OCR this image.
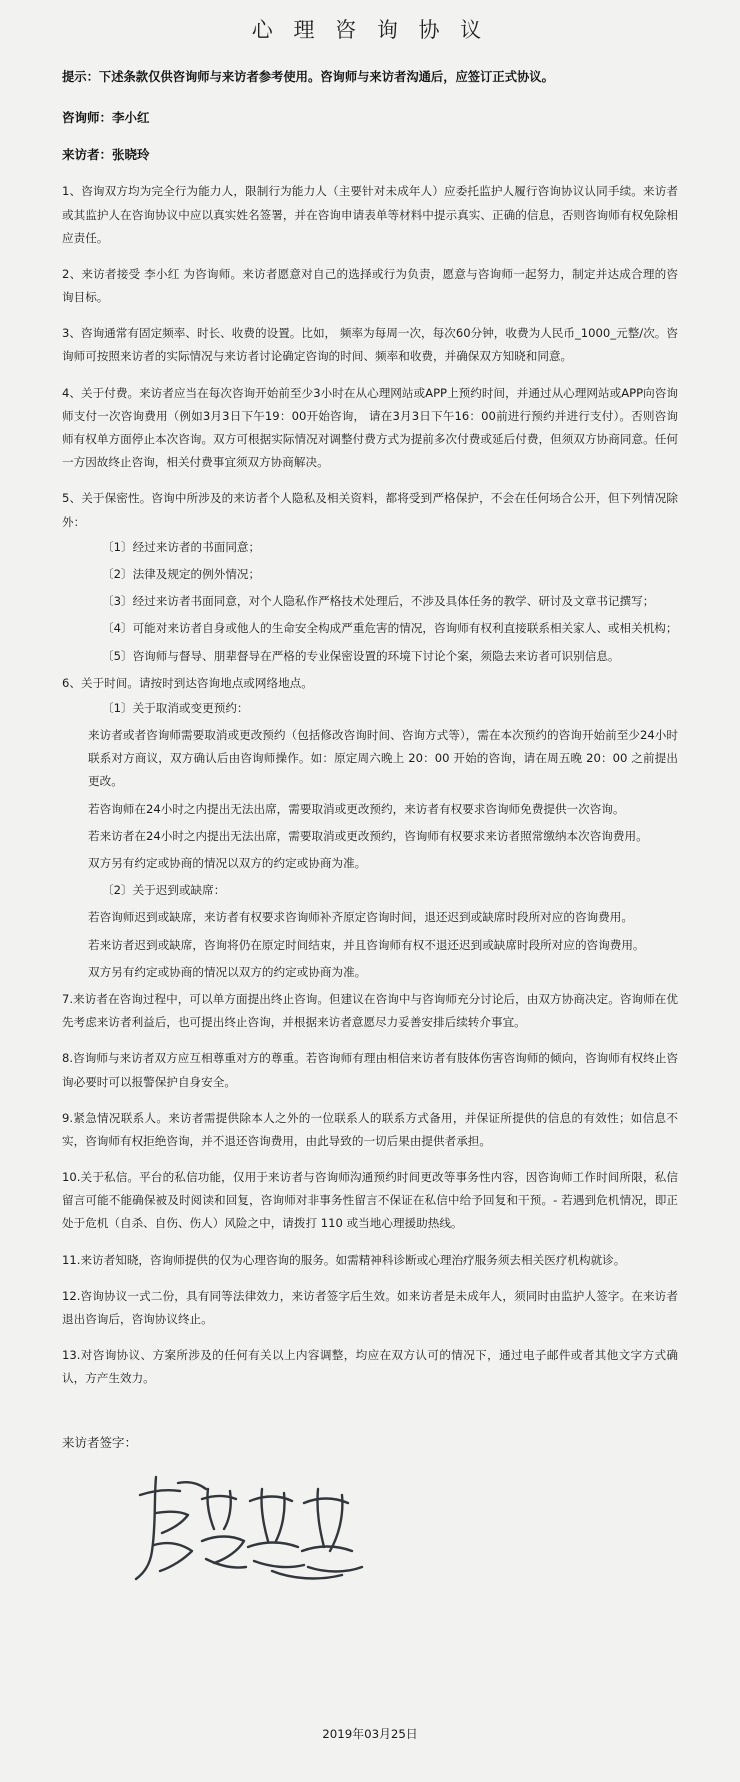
心 理 咨 询 协 议
提示：下述条款仅供咨询师与来访者参考使用。咨询师与来访者沟通后，应签订正式协议。
咨询师：李小红
来访者：张晓玲

1、咨询双方均为完全行为能力人，限制行为能力人（主要针对未成年人）应委托监护人履行咨询协议认同手续。来访者或其监护人在咨询协议中应以真实姓名签署，并在咨询申请表单等材料中提示真实、正确的信息，否则咨询师有权免除相应责任。

2、来访者接受 李小红 为咨询师。来访者愿意对自己的选择或行为负责，愿意与咨询师一起努力，制定并达成合理的咨询目标。

3、咨询通常有固定频率、时长、收费的设置。比如， 频率为每周一次，每次60分钟，收费为人民币_1000_元整/次。咨询师可按照来访者的实际情况与来访者讨论确定咨询的时间、频率和收费，并确保双方知晓和同意。

4、关于付费。来访者应当在每次咨询开始前至少3小时在从心理网站或APP上预约时间，并通过从心理网站或APP向咨询师支付一次咨询费用（例如3月3日下午19：00开始咨询， 请在3月3日下午16：00前进行预约并进行支付）。否则咨询师有权单方面停止本次咨询。双方可根据实际情况对调整付费方式为提前多次付费或延后付费，但须双方协商同意。任何一方因故终止咨询，相关付费事宜须双方协商解决。

5、关于保密性。咨询中所涉及的来访者个人隐私及相关资料，都将受到严格保护，不会在任何场合公开，但下列情况除外：

〔1〕经过来访者的书面同意；

〔2〕法律及规定的例外情况；

〔3〕经过来访者书面同意，对个人隐私作严格技术处理后，不涉及具体任务的教学、研讨及文章书记撰写；

〔4〕可能对来访者自身或他人的生命安全构成严重危害的情况，咨询师有权利直接联系相关家人、或相关机构；

〔5〕咨询师与督导、朋辈督导在严格的专业保密设置的环境下讨论个案，须隐去来访者可识别信息。

6、关于时间。请按时到达咨询地点或网络地点。

〔1〕关于取消或变更预约：

来访者或者咨询师需要取消或更改预约（包括修改咨询时间、咨询方式等），需在本次预约的咨询开始前至少24小时联系对方商议，双方确认后由咨询师操作。如：原定周六晚上 20：00 开始的咨询，请在周五晚 20：00 之前提出更改。

若咨询师在24小时之内提出无法出席，需要取消或更改预约，来访者有权要求咨询师免费提供一次咨询。

若来访者在24小时之内提出无法出席，需要取消或更改预约，咨询师有权要求来访者照常缴纳本次咨询费用。

双方另有约定或协商的情况以双方的约定或协商为准。

〔2〕关于迟到或缺席：

若咨询师迟到或缺席，来访者有权要求咨询师补齐原定咨询时间，退还迟到或缺席时段所对应的咨询费用。

若来访者迟到或缺席，咨询将仍在原定时间结束，并且咨询师有权不退还迟到或缺席时段所对应的咨询费用。

双方另有约定或协商的情况以双方的约定或协商为准。

7.来访者在咨询过程中，可以单方面提出终止咨询。但建议在咨询中与咨询师充分讨论后，由双方协商决定。咨询师在优先考虑来访者利益后，也可提出终止咨询，并根据来访者意愿尽力妥善安排后续转介事宜。

8.咨询师与来访者双方应互相尊重对方的尊重。若咨询师有理由相信来访者有肢体伤害咨询师的倾向，咨询师有权终止咨询必要时可以报警保护自身安全。

9.紧急情况联系人。来访者需提供除本人之外的一位联系人的联系方式备用，并保证所提供的信息的有效性；如信息不实，咨询师有权拒绝咨询，并不退还咨询费用，由此导致的一切后果由提供者承担。

10.关于私信。平台的私信功能，仅用于来访者与咨询师沟通预约时间更改等事务性内容，因咨询师工作时间所限，私信留言可能不能确保被及时阅读和回复，咨询师对非事务性留言不保证在私信中给予回复和干预。- 若遇到危机情况，即正处于危机（自杀、自伤、伤人）风险之中，请拨打 110 或当地心理援助热线。

11.来访者知晓，咨询师提供的仅为心理咨询的服务。如需精神科诊断或心理治疗服务须去相关医疗机构就诊。

12.咨询协议一式二份，具有同等法律效力，来访者签字后生效。如来访者是未成年人，须同时由监护人签字。在来访者退出咨询后，咨询协议终止。

13.对咨询协议、方案所涉及的任何有关以上内容调整，均应在双方认可的情况下，通过电子邮件或者其他文字方式确认，方产生效力。

来访者签字：
2019年03月25日
